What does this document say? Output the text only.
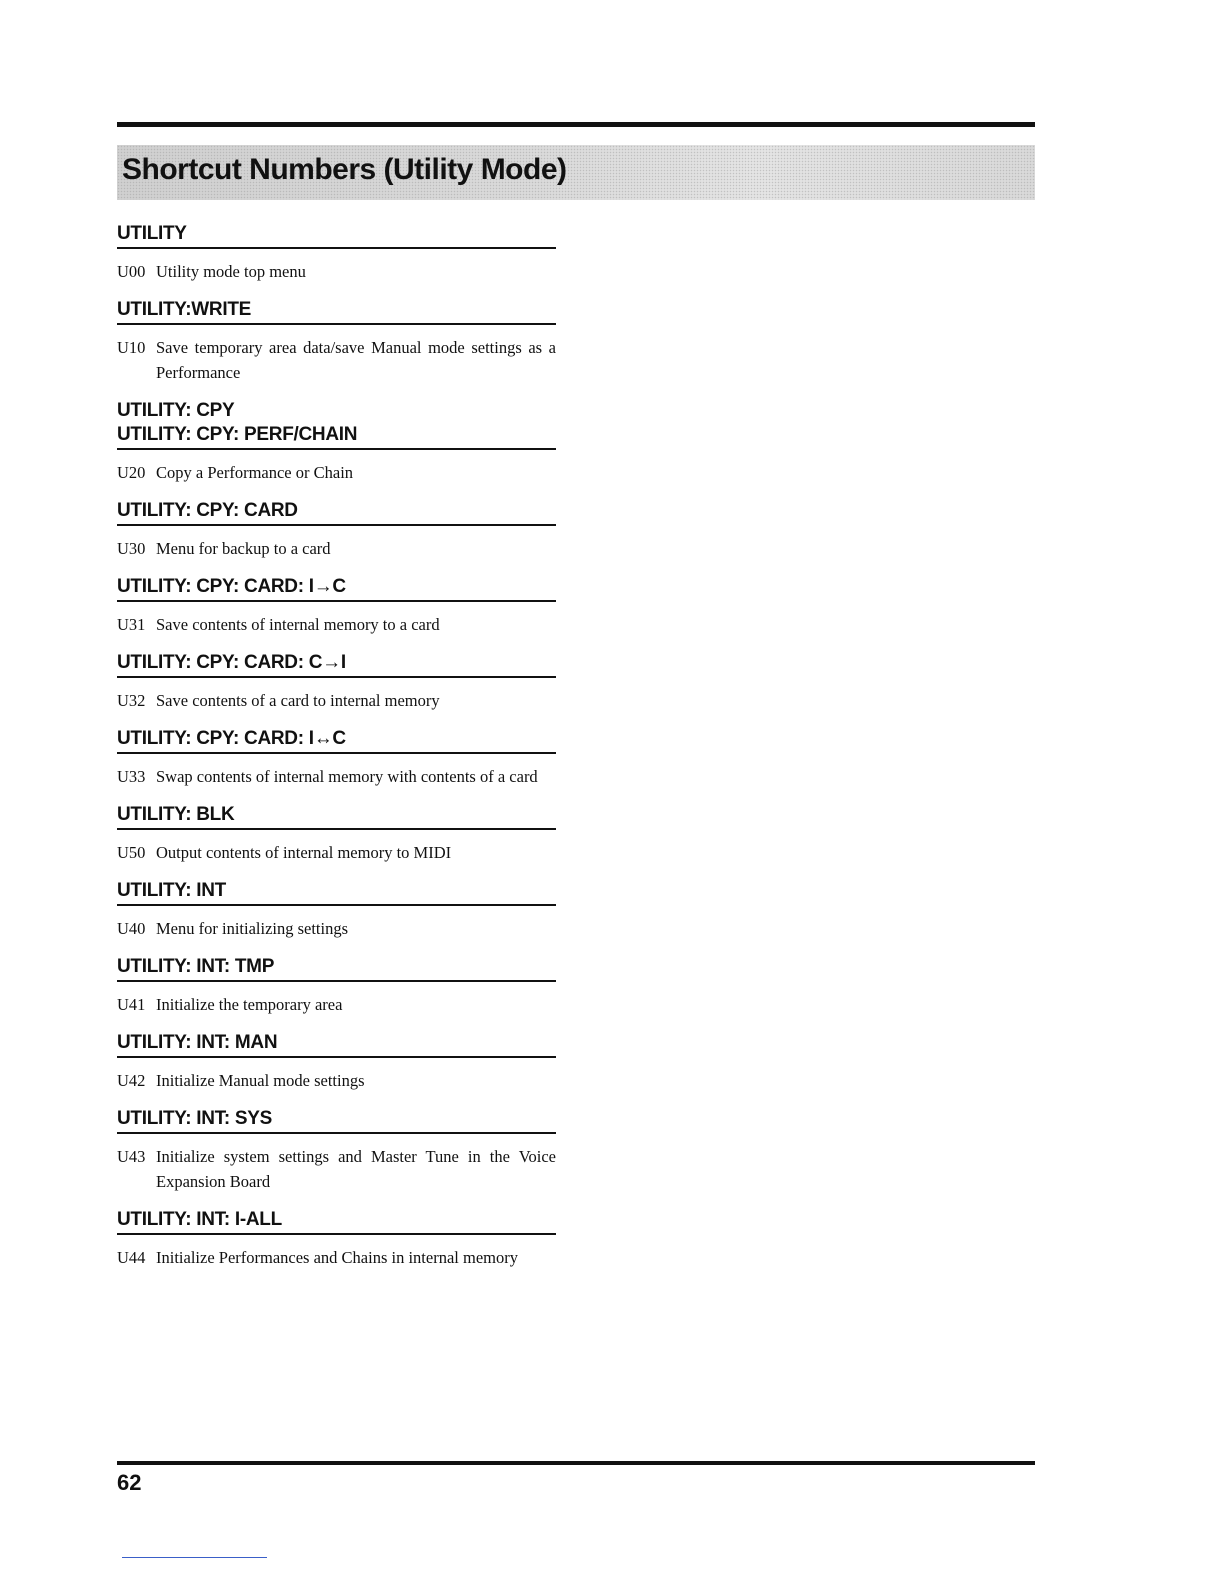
Shortcut Numbers (Utility Mode)
UTILITY
U00 Utility mode top menu
UTILITY:WRITE
U10 Save temporary area data/save Manual mode settings as a Performance
UTILITY: CPY
UTILITY: CPY: PERF/CHAIN
U20 Copy a Performance or Chain
UTILITY: CPY: CARD
U30 Menu for backup to a card
UTILITY: CPY: CARD: I→C
U31 Save contents of internal memory to a card
UTILITY: CPY: CARD: C→I
U32 Save contents of a card to internal memory
UTILITY: CPY: CARD: I↔C
U33 Swap contents of internal memory with contents of a card
UTILITY: BLK
U50 Output contents of internal memory to MIDI
UTILITY: INT
U40 Menu for initializing settings
UTILITY: INT: TMP
U41 Initialize the temporary area
UTILITY: INT: MAN
U42 Initialize Manual mode settings
UTILITY: INT: SYS
U43 Initialize system settings and Master Tune in the Voice Expansion Board
UTILITY: INT: I-ALL
U44 Initialize Performances and Chains in internal memory
62
